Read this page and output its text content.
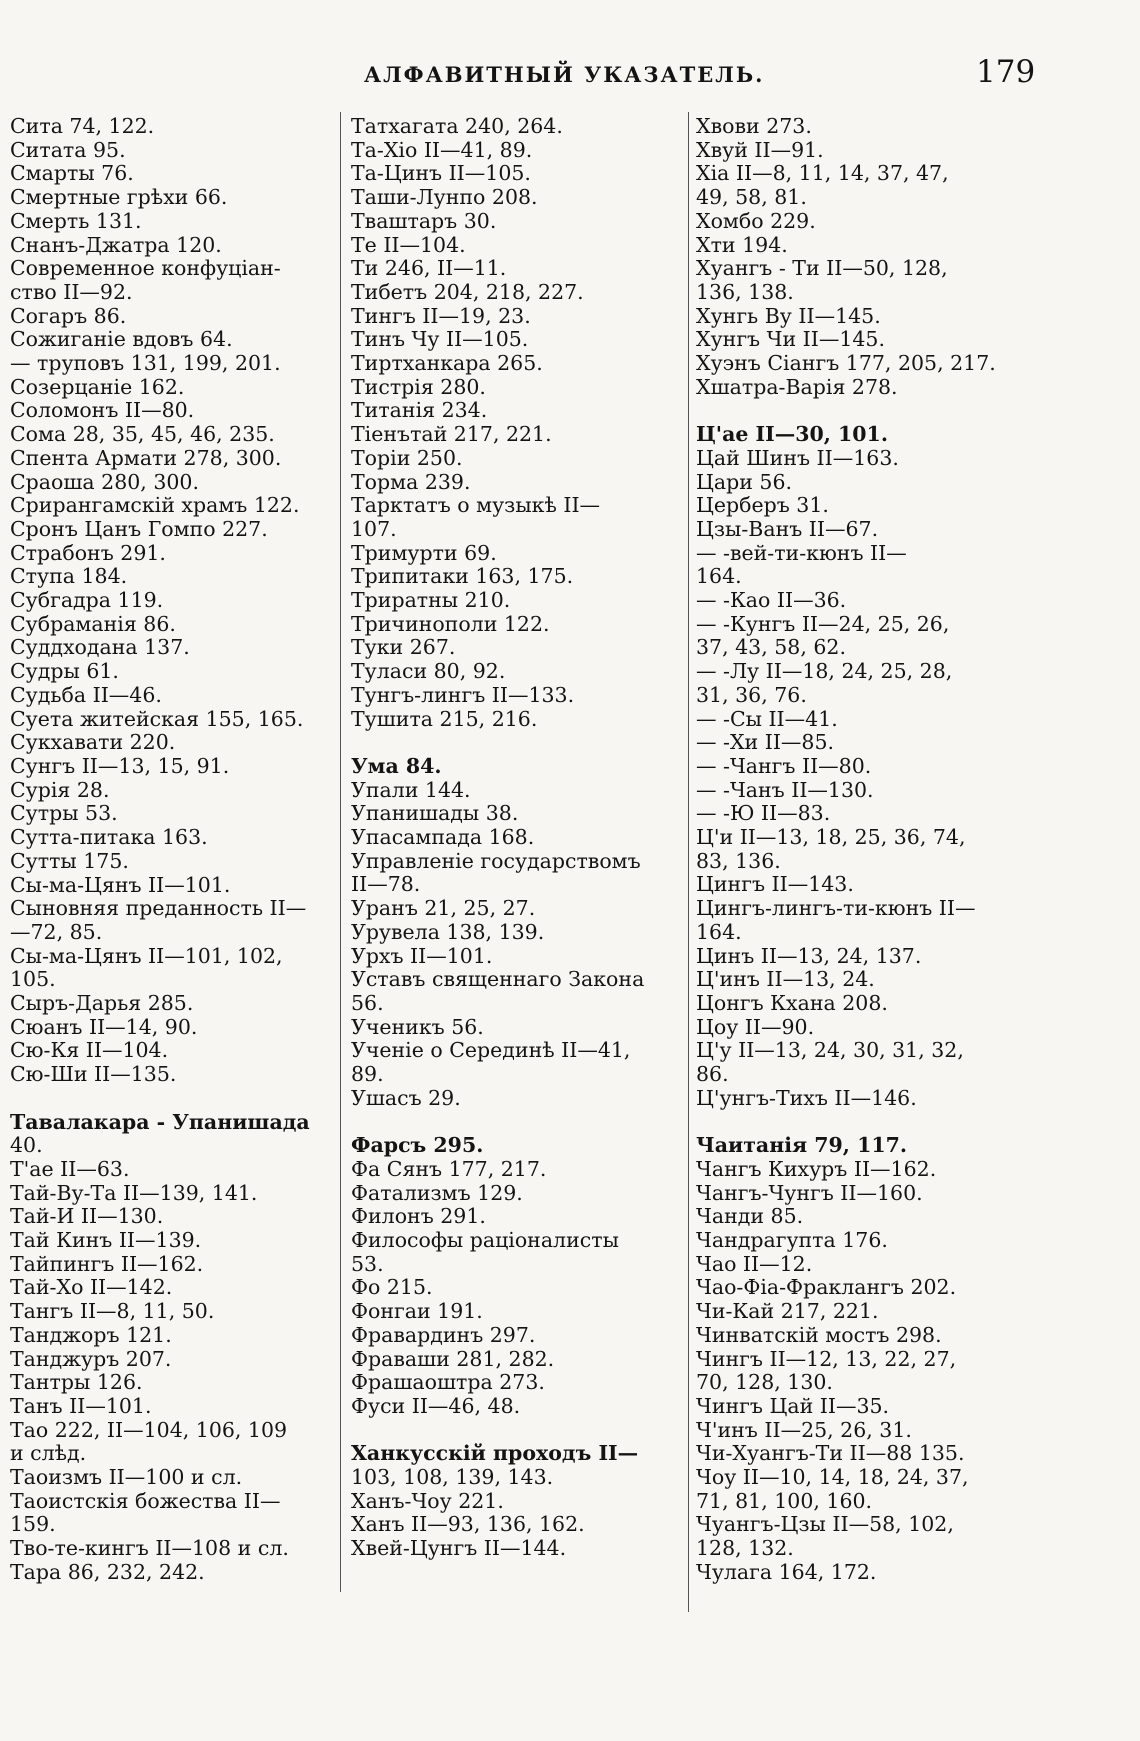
АЛФАВИТНЫЙ УКАЗАТЕЛЬ.	179
Сита 74, 122.
Ситата 95.
Смарты 76.
Смертные грѣхи 66.
Смерть 131.
Снанъ-Джатра 120.
Современное конфуціан-
ство II—92.
Согаръ 86.
Сожиганіе вдовъ 64.
— труповъ 131, 199, 201.
Созерцаніе 162.
Соломонъ II—80.
Сома 28, 35, 45, 46, 235.
Спента Армати 278, 300.
Сраоша 280, 300.
Срирангамскій храмъ 122.
Сронъ Цанъ Гомпо 227.
Страбонъ 291.
Ступа 184.
Субгадра 119.
Субраманія 86.
Суддходана 137.
Судры 61.
Судьба II—46.
Суета житейская 155, 165.
Сукхавати 220.
Сунгъ II—13, 15, 91.
Сурія 28.
Сутры 53.
Сутта-питака 163.
Сутты 175.
Сы-ма-Цянъ II—101.
Сыновняя преданность II—
—72, 85.
Сы-ма-Цянъ II—101, 102,
105.
Сыръ-Дарья 285.
Сюанъ II—14, 90.
Сю-Кя II—104.
Сю-Ши II—135.
Тавалакара - Упанишада
40.
Т'ае II—63.
Тай-Ву-Та II—139, 141.
Тай-И II—130.
Тай Кинъ II—139.
Тайпингъ II—162.
Тай-Хо II—142.
Тангъ II—8, 11, 50.
Танджоръ 121.
Танджуръ 207.
Тантры 126.
Танъ II—101.
Тао 222, II—104, 106, 109
и слѣд.
Таоизмъ II—100 и сл.
Таоистскія божества II—
159.
Тво-те-кингъ II—108 и сл.
Тара 86, 232, 242.
Татхагата 240, 264.
Та-Хіо II—41, 89.
Та-Цинъ II—105.
Таши-Лунпо 208.
Тваштаръ 30.
Те II—104.
Ти 246, II—11.
Тибетъ 204, 218, 227.
Тингъ II—19, 23.
Тинъ Чу II—105.
Тиртханкара 265.
Тистрія 280.
Титанія 234.
Тіенътай 217, 221.
Торіи 250.
Торма 239.
Тарктатъ о музыкѣ II—
107.
Тримурти 69.
Трипитаки 163, 175.
Триратны 210.
Тричинополи 122.
Туки 267.
Туласи 80, 92.
Тунгъ-лингъ II—133.
Тушита 215, 216.
Ума 84.
Упали 144.
Упанишады 38.
Упасампада 168.
Управленіе государствомъ
II—78.
Уранъ 21, 25, 27.
Урувела 138, 139.
Урхъ II—101.
Уставъ священнаго Закона
56.
Ученикъ 56.
Ученіе о Серединѣ II—41,
89.
Ушасъ 29.
Фарсъ 295.
Фа Сянъ 177, 217.
Фатализмъ 129.
Филонъ 291.
Философы раціоналисты
53.
Фо 215.
Фонгаи 191.
Фравардинъ 297.
Фраваши 281, 282.
Фрашаоштра 273.
Фуси II—46, 48.
Ханкусскій проходъ II—
103, 108, 139, 143.
Ханъ-Чоу 221.
Ханъ II—93, 136, 162.
Хвей-Цунгъ II—144.
Хвови 273.
Хвуй II—91.
Хіа II—8, 11, 14, 37, 47,
49, 58, 81.
Хомбо 229.
Хти 194.
Хуангъ - Ти II—50, 128,
136, 138.
Хунгь Ву II—145.
Хунгъ Чи II—145.
Хуэнъ Сіангъ 177, 205, 217.
Хшатра-Варія 278.
Ц'ае II—30, 101.
Цай Шинъ II—163.
Цари 56.
Церберъ 31.
Цзы-Ванъ II—67.
— -вей-ти-кюнъ II—
164.
— -Као II—36.
— -Кунгъ II—24, 25, 26,
37, 43, 58, 62.
— -Лу II—18, 24, 25, 28,
31, 36, 76.
— -Сы II—41.
— -Хи II—85.
— -Чангъ II—80.
— -Чанъ II—130.
— -Ю II—83.
Ц'и II—13, 18, 25, 36, 74,
83, 136.
Цингъ II—143.
Цингъ-лингъ-ти-кюнъ II—
164.
Цинъ II—13, 24, 137.
Ц'инъ II—13, 24.
Цонгъ Кхана 208.
Цоу II—90.
Ц'у II—13, 24, 30, 31, 32,
86.
Ц'унгъ-Тихъ II—146.
Чаитанія 79, 117.
Чангъ Кихуръ II—162.
Чангъ-Чунгъ II—160.
Чанди 85.
Чандрагупта 176.
Чао II—12.
Чао-Фіа-Фраклангъ 202.
Чи-Кай 217, 221.
Чинватскій мостъ 298.
Чингъ II—12, 13, 22, 27,
70, 128, 130.
Чингъ Цай II—35.
Ч'инъ II—25, 26, 31.
Чи-Хуангъ-Ти II—88 135.
Чоу II—10, 14, 18, 24, 37,
71, 81, 100, 160.
Чуангъ-Цзы II—58, 102,
128, 132.
Чулага 164, 172.
